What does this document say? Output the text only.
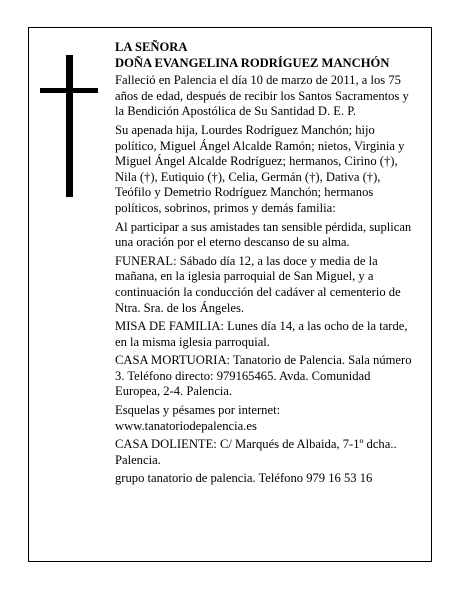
LA SEÑORA

DOÑA EVANGELINA RODRÍGUEZ MANCHÓN

Falleció en Palencia el día 10 de marzo de 2011, a los 75 años de edad, después de recibir los Santos Sacramentos y la Bendición Apostólica de Su Santidad D. E. P.

Su apenada hija, Lourdes Rodríguez Manchón; hijo político, Miguel Ángel Alcalde Ramón; nietos, Virginia y Miguel Ángel Alcalde Rodríguez; hermanos, Cirino (†), Nila (†), Eutiquio (†), Celia, Germán (†), Dativa (†), Teófilo y Demetrio Rodríguez Manchón; hermanos políticos, sobrinos, primos y demás familia:

Al participar a sus amistades tan sensible pérdida, suplican una oración por el eterno descanso de su alma.

FUNERAL: Sábado día 12, a las doce y media de la mañana, en la iglesia parroquial de San Miguel, y a continuación la conducción del cadáver al cementerio de Ntra. Sra. de los Ángeles.

MISA DE FAMILIA: Lunes día 14, a las ocho de la tarde, en la misma iglesia parroquial.

CASA MORTUORIA: Tanatorio de Palencia. Sala número 3. Teléfono directo: 979165465. Avda. Comunidad Europea, 2-4. Palencia.

Esquelas y pésames por internet:

www.tanatoriodepalencia.es

CASA DOLIENTE: C/ Marqués de Albaida, 7-1º dcha.. Palencia.

grupo tanatorio de palencia. Teléfono 979 16 53 16
